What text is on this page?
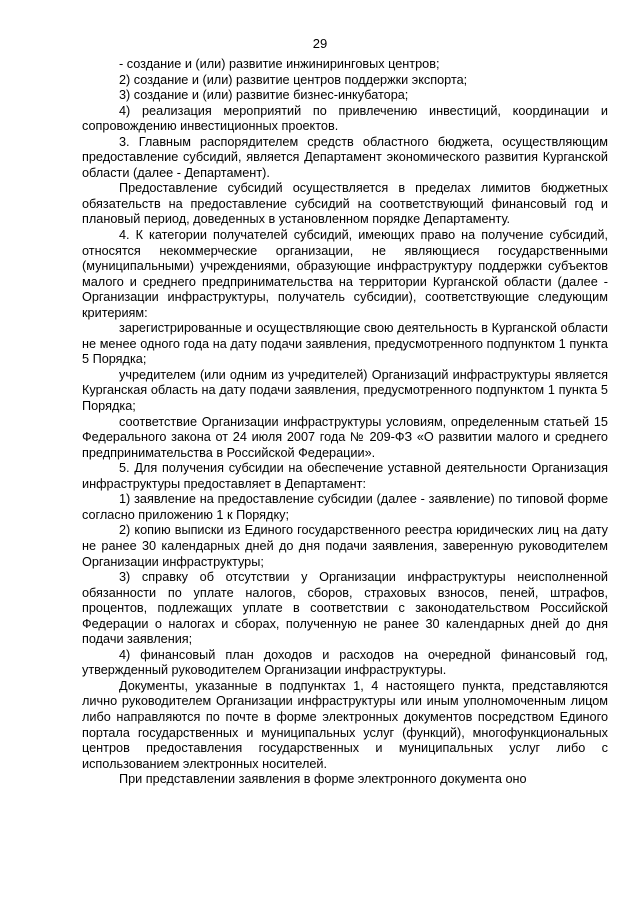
29

- создание и (или) развитие инжиниринговых центров;

2) создание и (или) развитие центров поддержки экспорта;

3) создание и (или) развитие бизнес-инкубатора;

4) реализация мероприятий по привлечению инвестиций, координации и сопровождению инвестиционных проектов.

3. Главным распорядителем средств областного бюджета, осуществляющим предоставление субсидий, является Департамент экономического развития Курганской области (далее - Департамент).

Предоставление субсидий осуществляется в пределах лимитов бюджетных обязательств на предоставление субсидий на соответствующий финансовый год и плановый период, доведенных в установленном порядке Департаменту.

4. К категории получателей субсидий, имеющих право на получение субсидий, относятся некоммерческие организации, не являющиеся государственными (муниципальными) учреждениями, образующие инфраструктуру поддержки субъектов малого и среднего предпринимательства на территории Курганской области (далее - Организации инфраструктуры, получатель субсидии), соответствующие следующим критериям:

зарегистрированные и осуществляющие свою деятельность в Курганской области не менее одного года на дату подачи заявления, предусмотренного подпунктом 1 пункта 5 Порядка;

учредителем (или одним из учредителей) Организаций инфраструктуры является Курганская область на дату подачи заявления, предусмотренного подпунктом 1 пункта 5 Порядка;

соответствие Организации инфраструктуры условиям, определенным статьей 15 Федерального закона от 24 июля 2007 года № 209-ФЗ «О развитии малого и среднего предпринимательства в Российской Федерации».

5. Для получения субсидии на обеспечение уставной деятельности Организация инфраструктуры предоставляет в Департамент:

1) заявление на предоставление субсидии (далее - заявление) по типовой форме согласно приложению 1 к Порядку;

2) копию выписки из Единого государственного реестра юридических лиц на дату не ранее 30 календарных дней до дня подачи заявления, заверенную руководителем Организации инфраструктуры;

3) справку об отсутствии у Организации инфраструктуры неисполненной обязанности по уплате налогов, сборов, страховых взносов, пеней, штрафов, процентов, подлежащих уплате в соответствии с законодательством Российской Федерации о налогах и сборах, полученную не ранее 30 календарных дней до дня подачи заявления;

4) финансовый план доходов и расходов на очередной финансовый год, утвержденный руководителем Организации инфраструктуры.

Документы, указанные в подпунктах 1, 4 настоящего пункта, представляются лично руководителем Организации инфраструктуры или иным уполномоченным лицом либо направляются по почте в форме электронных документов посредством Единого портала государственных и муниципальных услуг (функций), многофункциональных центров предоставления государственных и муниципальных услуг либо с использованием электронных носителей.

При представлении заявления в форме электронного документа оно
